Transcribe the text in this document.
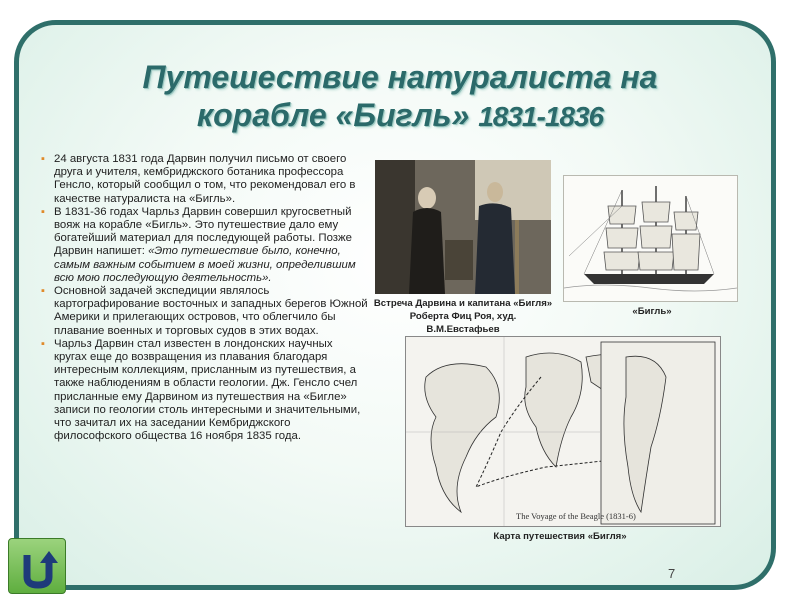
Путешествие натуралиста на
корабле «Бигль» 1831-1836
▪ 24 августа 1831 года Дарвин получил письмо от своего друга и учителя, кембриджского ботаника профессора Генсло, который сообщил о том, что рекомендовал его в качестве натуралиста на «Бигль».
▪ В 1831-36 годах Чарльз Дарвин совершил кругосветный вояж на корабле «Бигль». Это путешествие дало ему богатейший материал для последующей работы. Позже Дарвин напишет: «Это путешествие было, конечно, самым важным событием в моей жизни, определившим всю мою последующую деятельность».
▪ Основной задачей экспедиции являлось картографирование восточных и западных берегов Южной Америки и прилегающих островов, что облегчило бы плавание военных и торговых судов в этих водах.
▪ Чарльз Дарвин стал известен в лондонских научных кругах еще до возвращения из плавания благодаря интересным коллекциям, присланным из путешествия, а также наблюдениям в области геологии. Дж. Генсло счел присланные ему Дарвином из путешествия на «Бигле» записи по геологии столь интересными и значительными, что зачитал их на заседании Кембриджского философского общества 16 ноября 1835 года.
Встреча Дарвина и капитана «Бигля» Роберта Фиц Роя, худ. В.М.Евстафьев
«Бигль»
The Voyage of the Beagle (1831-6)
Карта путешествия «Бигля»
7
